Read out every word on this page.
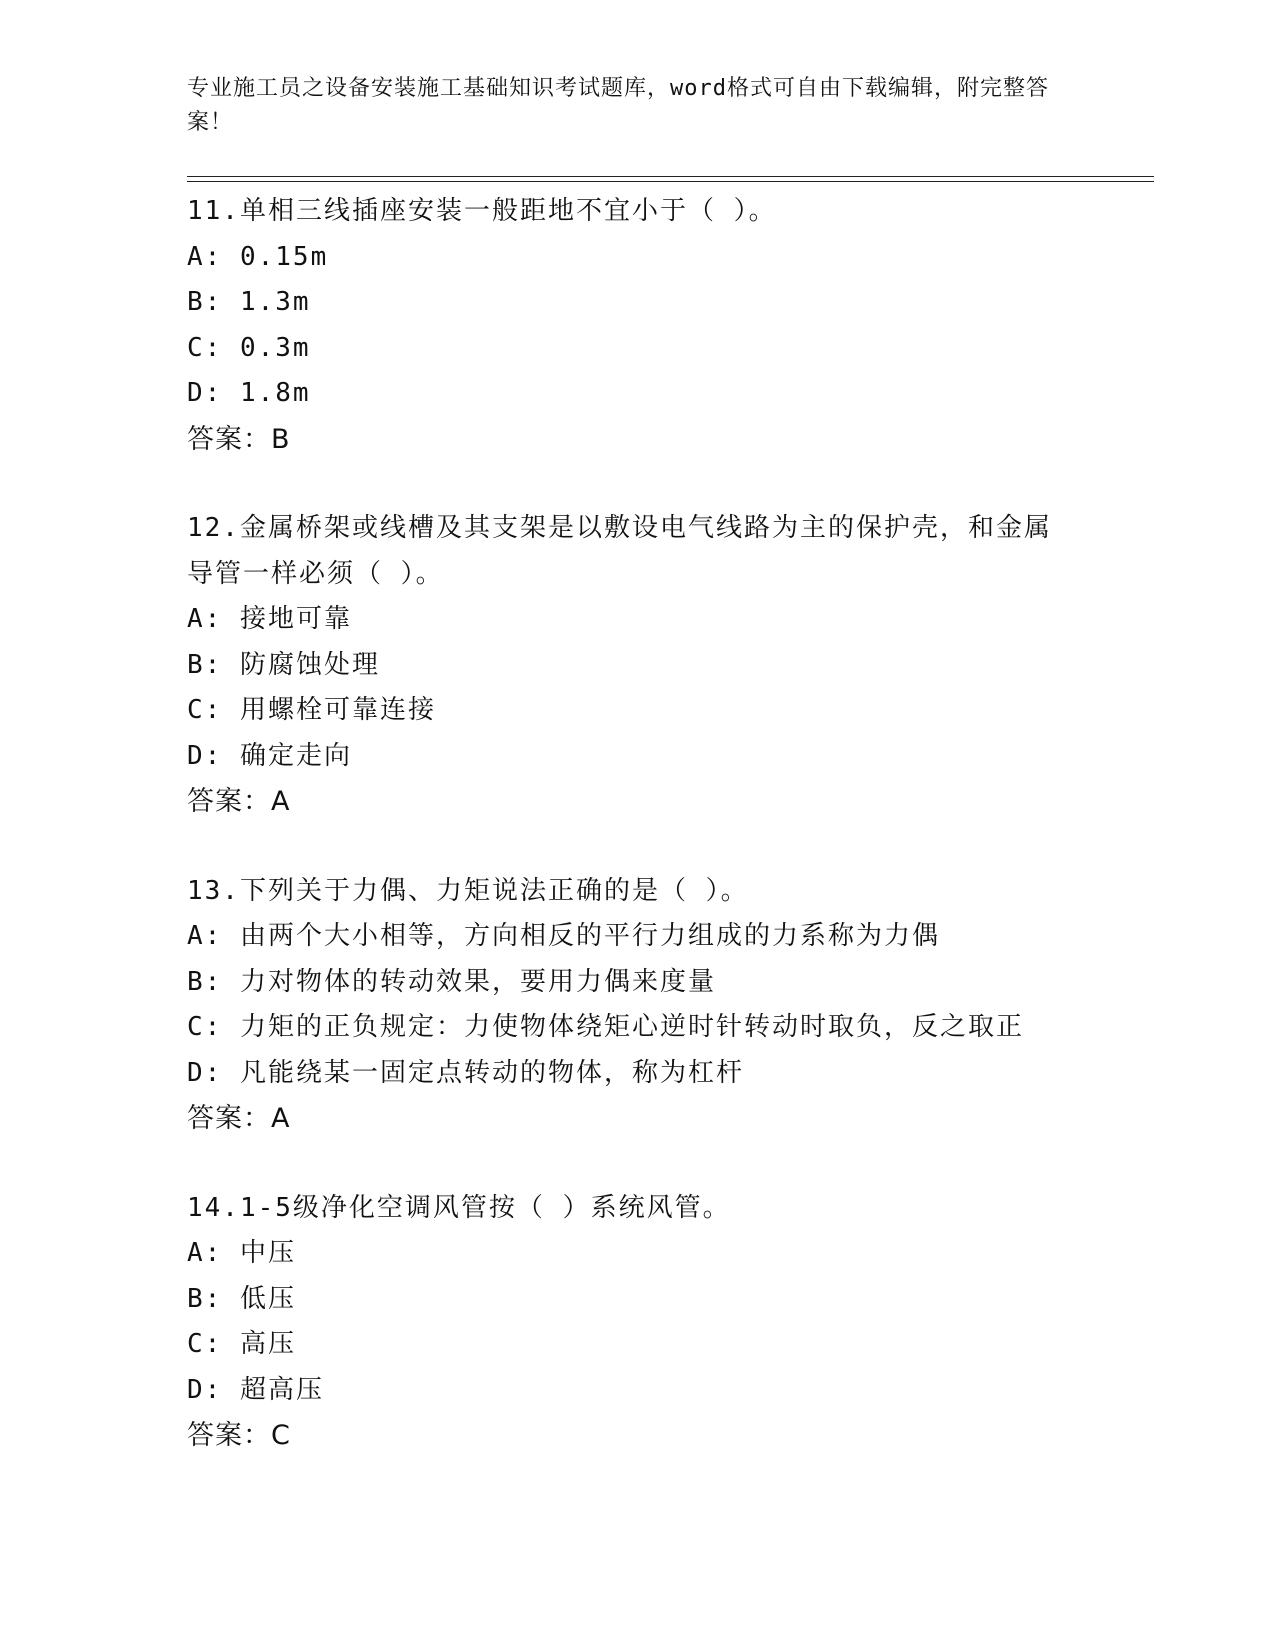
专业施工员之设备安装施工基础知识考试题库，word格式可自由下载编辑，附完整答案！
11.单相三线插座安装一般距地不宜小于（ ）。
A: 0.15m
B: 1.3m
C: 0.3m
D: 1.8m
答案：B
12.金属桥架或线槽及其支架是以敷设电气线路为主的保护壳，和金属导管一样必须（ ）。
A: 接地可靠
B: 防腐蚀处理
C: 用螺栓可靠连接
D: 确定走向
答案：A
13.下列关于力偶、力矩说法正确的是（ ）。
A: 由两个大小相等，方向相反的平行力组成的力系称为力偶
B: 力对物体的转动效果，要用力偶来度量
C: 力矩的正负规定：力使物体绕矩心逆时针转动时取负，反之取正
D: 凡能绕某一固定点转动的物体，称为杠杆
答案：A
14.1-5级净化空调风管按（ ）系统风管。
A: 中压
B: 低压
C: 高压
D: 超高压
答案：C
